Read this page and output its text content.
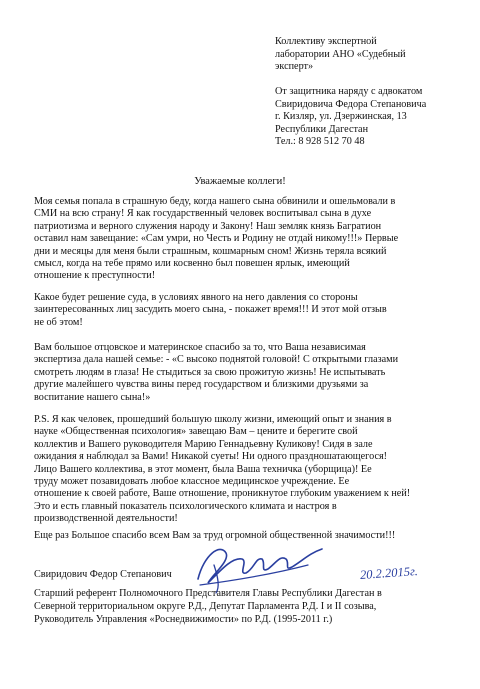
Коллективу экспертной
лаборатории АНО «Судебный
эксперт»
От защитника наряду с адвокатом
Свиридовича Федора Степановича
г. Кизляр, ул. Дзержинская, 13
Республики Дагестан
Тел.: 8 928 512 70 48
Уважаемые коллеги!
Моя семья попала в страшную беду, когда нашего сына обвинили и ошельмовали в
СМИ на всю страну! Я как государственный человек воспитывал сына в духе
патриотизма и верного служения народу и Закону! Наш земляк князь Багратион
оставил нам завещание: «Сам умри, но Честь и Родину не отдай никому!!!» Первые
дни и месяцы для меня были страшным, кошмарным сном! Жизнь теряла всякий
смысл, когда на тебе прямо или косвенно был повешен ярлык, имеющий
отношение к преступности!
Какое будет решение суда, в условиях явного на него давления со стороны
заинтересованных лиц засудить моего сына, - покажет время!!! И этот мой отзыв
не об этом!
Вам большое отцовское и материнское спасибо за то, что Ваша независимая
экспертиза дала нашей семье: - «С высоко поднятой головой! С открытыми глазами
смотреть людям в глаза! Не стыдиться за свою прожитую жизнь! Не испытывать
другие малейшего чувства вины перед государством и близкими друзьями за
воспитание нашего сына!»
P.S. Я как человек, прошедший большую школу жизни, имеющий опыт и знания в
науке «Общественная психология» завещаю Вам – цените и берегите свой
коллектив и Вашего руководителя Марию Геннадьевну Куликову! Сидя в зале
ожидания я наблюдал за Вами! Никакой суеты! Ни одного праздношатающегося!
Лицо Вашего коллектива, в этот момент, была Ваша техничка (уборщица)! Ее
труду может позавидовать любое классное медицинское учреждение. Ее
отношение к своей работе, Ваше отношение, проникнутое глубоким уважением к ней!
Это и есть главный показатель психологического климата и настроя в
производственной деятельности!
Еще раз Большое спасибо всем Вам за труд огромной общественной значимости!!!
Свиридович Федор Степанович	20.2.2015г.
Старший референт Полномочного Представителя Главы Республики Дагестан в
Северной территориальном округе Р.Д., Депутат Парламента Р.Д. I и II созыва,
Руководитель Управления «Роснедвижимости» по Р.Д. (1995-2011 г.)
